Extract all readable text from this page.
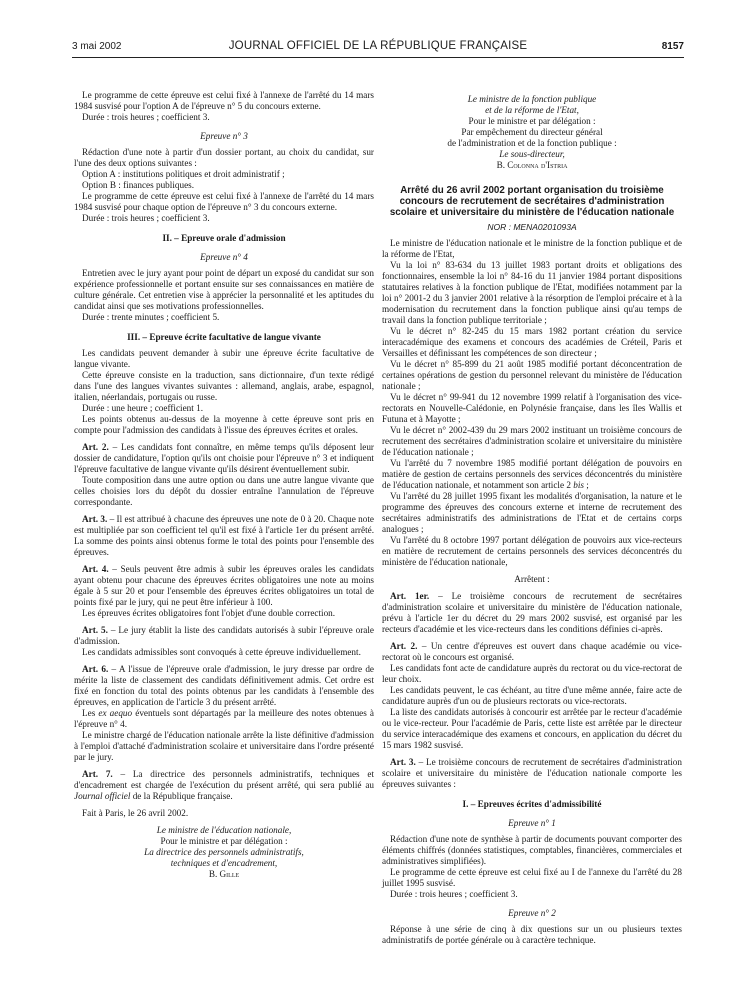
3 mai 2002	JOURNAL OFFICIEL DE LA RÉPUBLIQUE FRANÇAISE	8157

Le programme de cette épreuve est celui fixé à l'annexe de l'arrêté du 14 mars 1984 susvisé pour l'option A de l'épreuve n° 5 du concours externe.

Durée : trois heures ; coefficient 3.

Epreuve n° 3

Rédaction d'une note à partir d'un dossier portant, au choix du candidat, sur l'une des deux options suivantes :

Option A : institutions politiques et droit administratif ;

Option B : finances publiques.

Le programme de cette épreuve est celui fixé à l'annexe de l'arrêté du 14 mars 1984 susvisé pour chaque option de l'épreuve n° 3 du concours externe.

Durée : trois heures ; coefficient 3.

II. – Epreuve orale d'admission

Epreuve n° 4

Entretien avec le jury ayant pour point de départ un exposé du candidat sur son expérience professionnelle et portant ensuite sur ses connaissances en matière de culture générale. Cet entretien vise à apprécier la personnalité et les aptitudes du candidat ainsi que ses motivations professionnelles.

Durée : trente minutes ; coefficient 5.

III. – Epreuve écrite facultative de langue vivante

Les candidats peuvent demander à subir une épreuve écrite facultative de langue vivante.

Cette épreuve consiste en la traduction, sans dictionnaire, d'un texte rédigé dans l'une des langues vivantes suivantes : allemand, anglais, arabe, espagnol, italien, néerlandais, portugais ou russe.

Durée : une heure ; coefficient 1.

Les points obtenus au-dessus de la moyenne à cette épreuve sont pris en compte pour l'admission des candidats à l'issue des épreuves écrites et orales.

Art. 2. – Les candidats font connaître, en même temps qu'ils déposent leur dossier de candidature, l'option qu'ils ont choisie pour l'épreuve n° 3 et indiquent l'épreuve facultative de langue vivante qu'ils désirent éventuellement subir.

Toute composition dans une autre option ou dans une autre langue vivante que celles choisies lors du dépôt du dossier entraîne l'annulation de l'épreuve correspondante.

Art. 3. – Il est attribué à chacune des épreuves une note de 0 à 20. Chaque note est multipliée par son coefficient tel qu'il est fixé à l'article 1er du présent arrêté. La somme des points ainsi obtenus forme le total des points pour l'ensemble des épreuves.

Art. 4. – Seuls peuvent être admis à subir les épreuves orales les candidats ayant obtenu pour chacune des épreuves écrites obligatoires une note au moins égale à 5 sur 20 et pour l'ensemble des épreuves écrites obligatoires un total de points fixé par le jury, qui ne peut être inférieur à 100.

Les épreuves écrites obligatoires font l'objet d'une double correction.

Art. 5. – Le jury établit la liste des candidats autorisés à subir l'épreuve orale d'admission.

Les candidats admissibles sont convoqués à cette épreuve individuellement.

Art. 6. – A l'issue de l'épreuve orale d'admission, le jury dresse par ordre de mérite la liste de classement des candidats définitivement admis. Cet ordre est fixé en fonction du total des points obtenus par les candidats à l'ensemble des épreuves, en application de l'article 3 du présent arrêté.

Les ex aequo éventuels sont départagés par la meilleure des notes obtenues à l'épreuve n° 4.

Le ministre chargé de l'éducation nationale arrête la liste définitive d'admission à l'emploi d'attaché d'administration scolaire et universitaire dans l'ordre présenté par le jury.

Art. 7. – La directrice des personnels administratifs, techniques et d'encadrement est chargée de l'exécution du présent arrêté, qui sera publié au Journal officiel de la République française.

Fait à Paris, le 26 avril 2002.

Le ministre de l'éducation nationale,

Pour le ministre et par délégation :

La directrice des personnels administratifs,

techniques et d'encadrement,

B. Gille

Le ministre de la fonction publique

et de la réforme de l'Etat,

Pour le ministre et par délégation :

Par empêchement du directeur général

de l'administration et de la fonction publique :

Le sous-directeur,

B. Colonna d'Istria

Arrêté du 26 avril 2002 portant organisation du troisième concours de recrutement de secrétaires d'administration scolaire et universitaire du ministère de l'éducation nationale

NOR : MENA0201093A

Le ministre de l'éducation nationale et le ministre de la fonction publique et de la réforme de l'Etat,

Vu la loi n° 83-634 du 13 juillet 1983 portant droits et obligations des fonctionnaires, ensemble la loi n° 84-16 du 11 janvier 1984 portant dispositions statutaires relatives à la fonction publique de l'Etat, modifiées notamment par la loi n° 2001-2 du 3 janvier 2001 relative à la résorption de l'emploi précaire et à la modernisation du recrutement dans la fonction publique ainsi qu'au temps de travail dans la fonction publique territoriale ;

Vu le décret n° 82-245 du 15 mars 1982 portant création du service interacadémique des examens et concours des académies de Créteil, Paris et Versailles et définissant les compétences de son directeur ;

Vu le décret n° 85-899 du 21 août 1985 modifié portant déconcentration de certaines opérations de gestion du personnel relevant du ministère de l'éducation nationale ;

Vu le décret n° 99-941 du 12 novembre 1999 relatif à l'organisation des vice-rectorats en Nouvelle-Calédonie, en Polynésie française, dans les îles Wallis et Futuna et à Mayotte ;

Vu le décret n° 2002-439 du 29 mars 2002 instituant un troisième concours de recrutement des secrétaires d'administration scolaire et universitaire du ministère de l'éducation nationale ;

Vu l'arrêté du 7 novembre 1985 modifié portant délégation de pouvoirs en matière de gestion de certains personnels des services déconcentrés du ministère de l'éducation nationale, et notamment son article 2 bis ;

Vu l'arrêté du 28 juillet 1995 fixant les modalités d'organisation, la nature et le programme des épreuves des concours externe et interne de recrutement des secrétaires administratifs des administrations de l'Etat et de certains corps analogues ;

Vu l'arrêté du 8 octobre 1997 portant délégation de pouvoirs aux vice-recteurs en matière de recrutement de certains personnels des services déconcentrés du ministère de l'éducation nationale,

Arrêtent :

Art. 1er. – Le troisième concours de recrutement de secrétaires d'administration scolaire et universitaire du ministère de l'éducation nationale, prévu à l'article 1er du décret du 29 mars 2002 susvisé, est organisé par les recteurs d'académie et les vice-recteurs dans les conditions définies ci-après.

Art. 2. – Un centre d'épreuves est ouvert dans chaque académie ou vice-rectorat où le concours est organisé.

Les candidats font acte de candidature auprès du rectorat ou du vice-rectorat de leur choix.

Les candidats peuvent, le cas échéant, au titre d'une même année, faire acte de candidature auprès d'un ou de plusieurs rectorats ou vice-rectorats.

La liste des candidats autorisés à concourir est arrêtée par le recteur d'académie ou le vice-recteur. Pour l'académie de Paris, cette liste est arrêtée par le directeur du service interacadémique des examens et concours, en application du décret du 15 mars 1982 susvisé.

Art. 3. – Le troisième concours de recrutement de secrétaires d'administration scolaire et universitaire du ministère de l'éducation nationale comporte les épreuves suivantes :

I. – Epreuves écrites d'admissibilité

Epreuve n° 1

Rédaction d'une note de synthèse à partir de documents pouvant comporter des éléments chiffrés (données statistiques, comptables, financières, commerciales et administratives simplifiées).

Le programme de cette épreuve est celui fixé au I de l'annexe du l'arrêté du 28 juillet 1995 susvisé.

Durée : trois heures ; coefficient 3.

Epreuve n° 2

Réponse à une série de cinq à dix questions sur un ou plusieurs textes administratifs de portée générale ou à caractère technique.
